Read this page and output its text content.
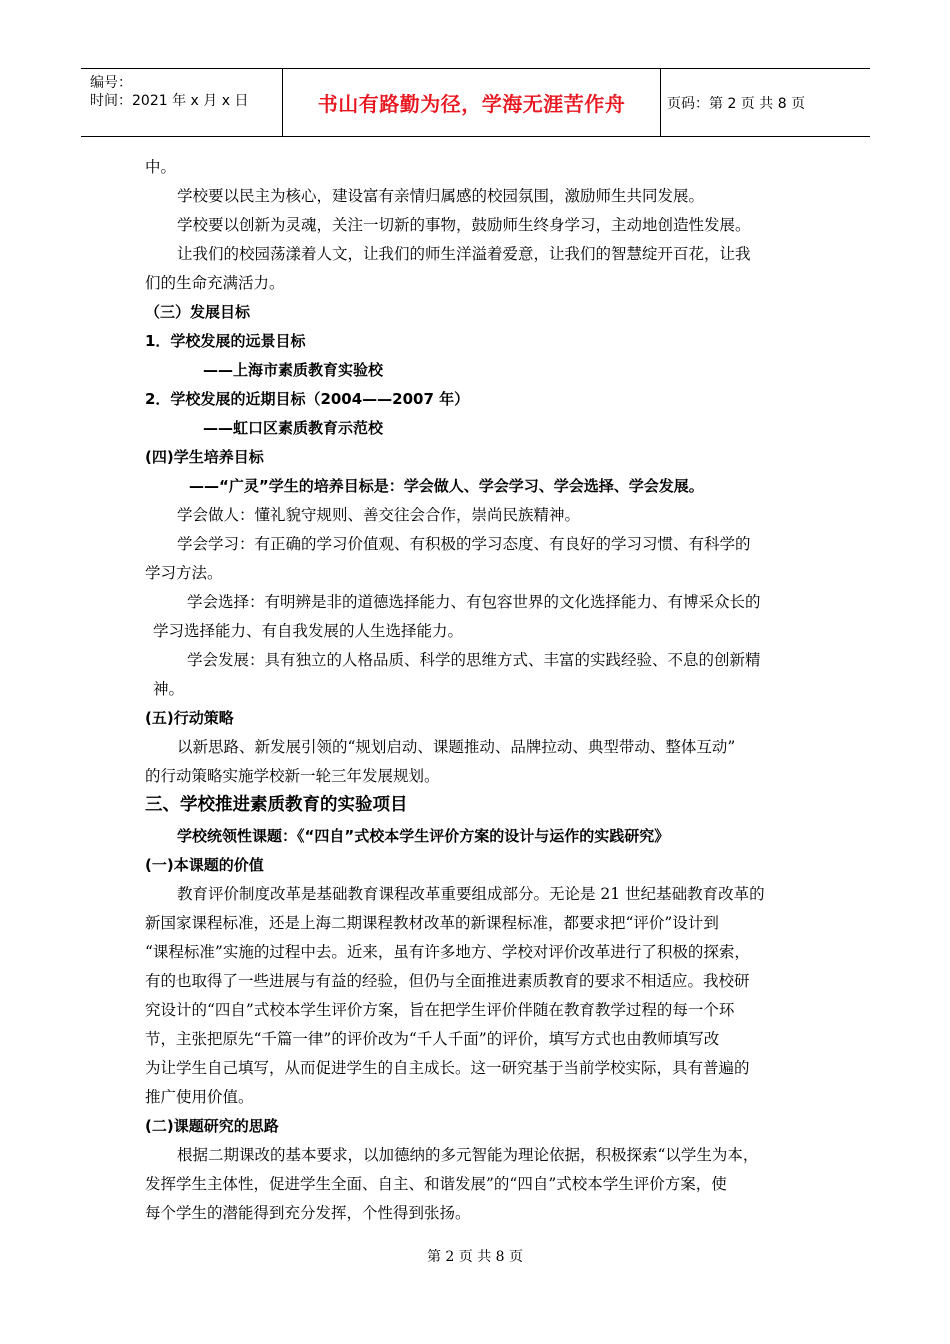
编号：
时间：2021 年 x 月 x 日	书山有路勤为径，学海无涯苦作舟	页码：第 2 页 共 8 页
中。
学校要以民主为核心，建设富有亲情归属感的校园氛围，激励师生共同发展。
学校要以创新为灵魂，关注一切新的事物，鼓励师生终身学习，主动地创造性发展。
让我们的校园荡漾着人文，让我们的师生洋溢着爱意，让我们的智慧绽开百花，让我
们的生命充满活力。
（三）发展目标
1．学校发展的远景目标
——上海市素质教育实验校
2．学校发展的近期目标（2004——2007 年）
——虹口区素质教育示范校
(四)学生培养目标
——“广灵”学生的培养目标是：学会做人、学会学习、学会选择、学会发展。
学会做人：懂礼貌守规则、善交往会合作，崇尚民族精神。
学会学习：有正确的学习价值观、有积极的学习态度、有良好的学习习惯、有科学的
学习方法。
学会选择：有明辨是非的道德选择能力、有包容世界的文化选择能力、有博采众长的
学习选择能力、有自我发展的人生选择能力。
学会发展：具有独立的人格品质、科学的思维方式、丰富的实践经验、不息的创新精
神。
(五)行动策略
以新思路、新发展引领的“规划启动、课题推动、品牌拉动、典型带动、整体互动”
的行动策略实施学校新一轮三年发展规划。
三、学校推进素质教育的实验项目
学校统领性课题：《“四自”式校本学生评价方案的设计与运作的实践研究》
(一)本课题的价值
教育评价制度改革是基础教育课程改革重要组成部分。无论是 21 世纪基础教育改革的
新国家课程标准，还是上海二期课程教材改革的新课程标准，都要求把“评价”设计到
“课程标准”实施的过程中去。近来，虽有许多地方、学校对评价改革进行了积极的探索，
有的也取得了一些进展与有益的经验，但仍与全面推进素质教育的要求不相适应。我校研
究设计的“四自”式校本学生评价方案，旨在把学生评价伴随在教育教学过程的每一个环
节，主张把原先“千篇一律”的评价改为“千人千面”的评价，填写方式也由教师填写改
为让学生自己填写，从而促进学生的自主成长。这一研究基于当前学校实际，具有普遍的
推广使用价值。
(二)课题研究的思路
根据二期课改的基本要求，以加德纳的多元智能为理论依据，积极探索“以学生为本，
发挥学生主体性，促进学生全面、自主、和谐发展”的“四自”式校本学生评价方案，使
每个学生的潜能得到充分发挥，个性得到张扬。
第 2 页 共 8 页
